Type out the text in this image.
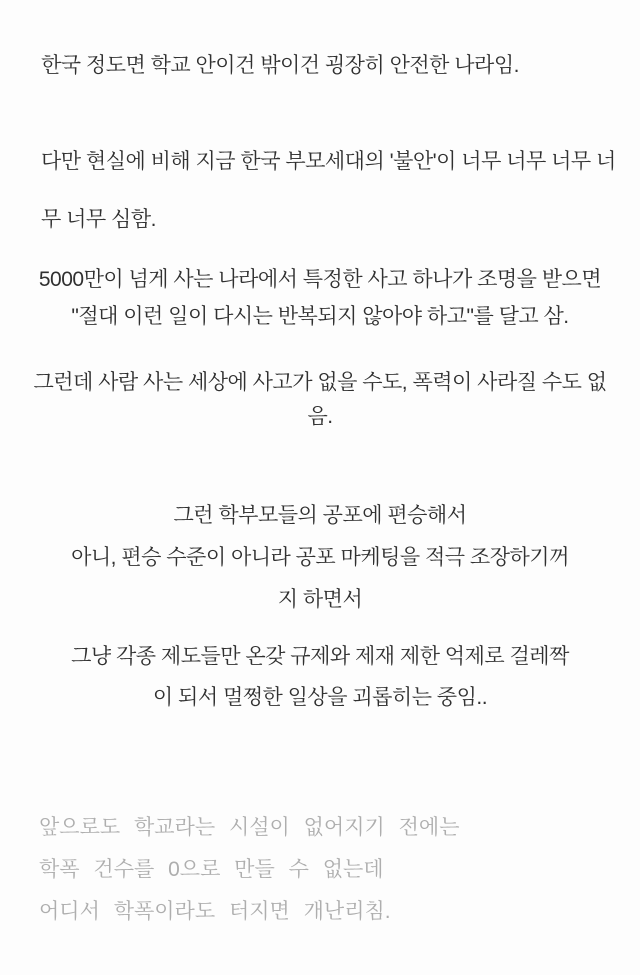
한국 정도면 학교 안이건 밖이건 굉장히 안전한 나라임.
다만 현실에 비해 지금 한국 부모세대의 '불안'이 너무 너무 너무 너
무 너무 심함.
5000만이 넘게 사는 나라에서 특정한 사고 하나가 조명을 받으면
"절대 이런 일이 다시는 반복되지 않아야 하고"를 달고 삼.
그런데 사람 사는 세상에 사고가 없을 수도, 폭력이 사라질 수도 없
음.
그런 학부모들의 공포에 편승해서
아니, 편승 수준이 아니라 공포 마케팅을 적극 조장하기꺼
지 하면서
그냥 각종 제도들만 온갖 규제와 제재 제한 억제로 걸레짝
이 되서 멀쩡한 일상을 괴롭히는 중임..
앞으로도 학교라는 시설이 없어지기 전에는
학폭 건수를 0으로 만들 수 없는데
어디서 학폭이라도 터지면 개난리침.
